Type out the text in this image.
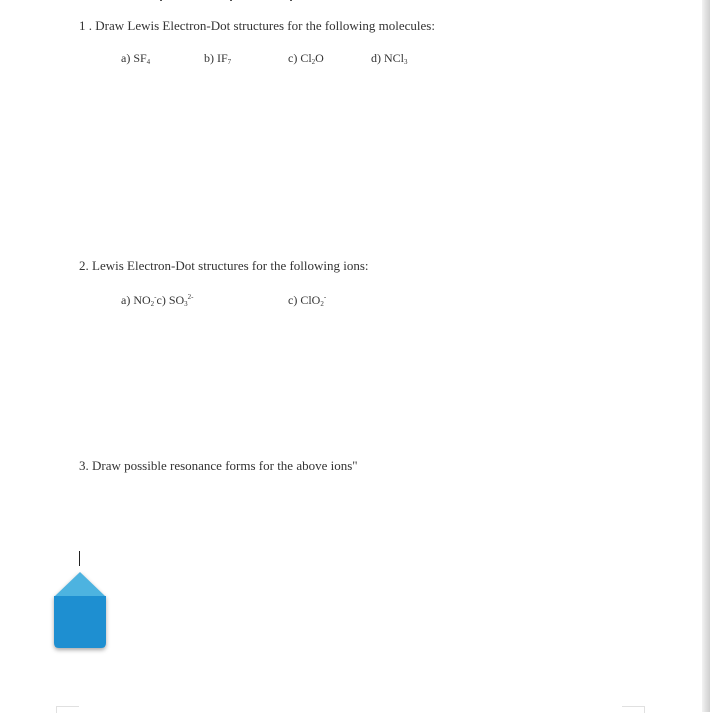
1 . Draw Lewis Electron-Dot structures for the following molecules:
a) $SF_4$	b) $IF_7$	c) $Cl_2O$	d) NCl$_3$
2. Lewis Electron-Dot structures for the following ions:
a) $NO_2^-c$) $SO_3^{2-}$	c) ClO$_2$-
3. Draw possible resonance forms for the above ions"
